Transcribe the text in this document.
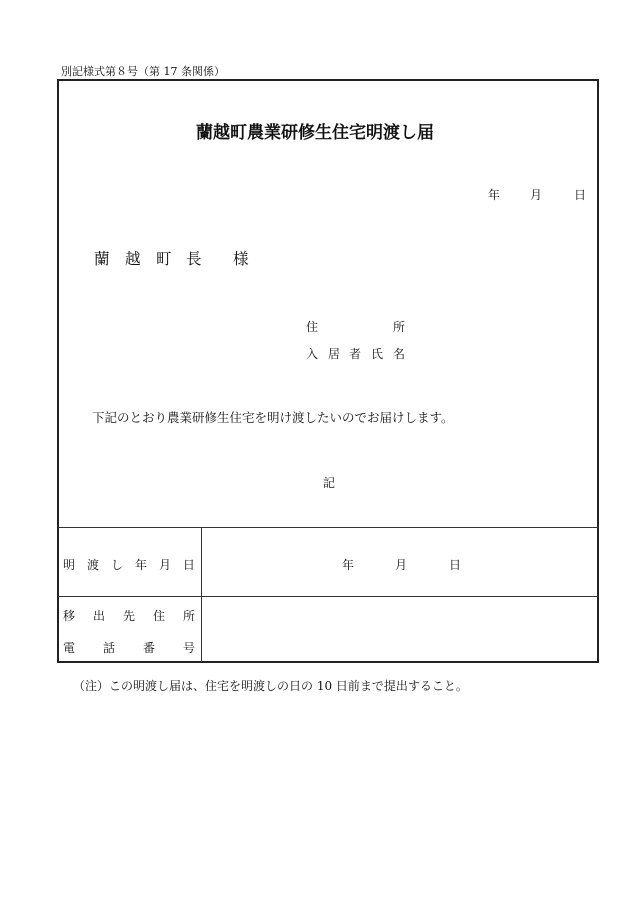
別記様式第８号（第 17 条関係）
蘭越町農業研修生住宅明渡し届
年 月	日
蘭 越 町 長 様
住	所
入 居 者 氏 名
下記のとおり農業研修生住宅を明け渡したいのでお届けします。
記
明 渡 し 年 月 日	年	月	日
移 出 先 住 所
電 話 番 号
（注）この明渡し届は、住宅を明渡しの日の 10 日前まで提出すること。
